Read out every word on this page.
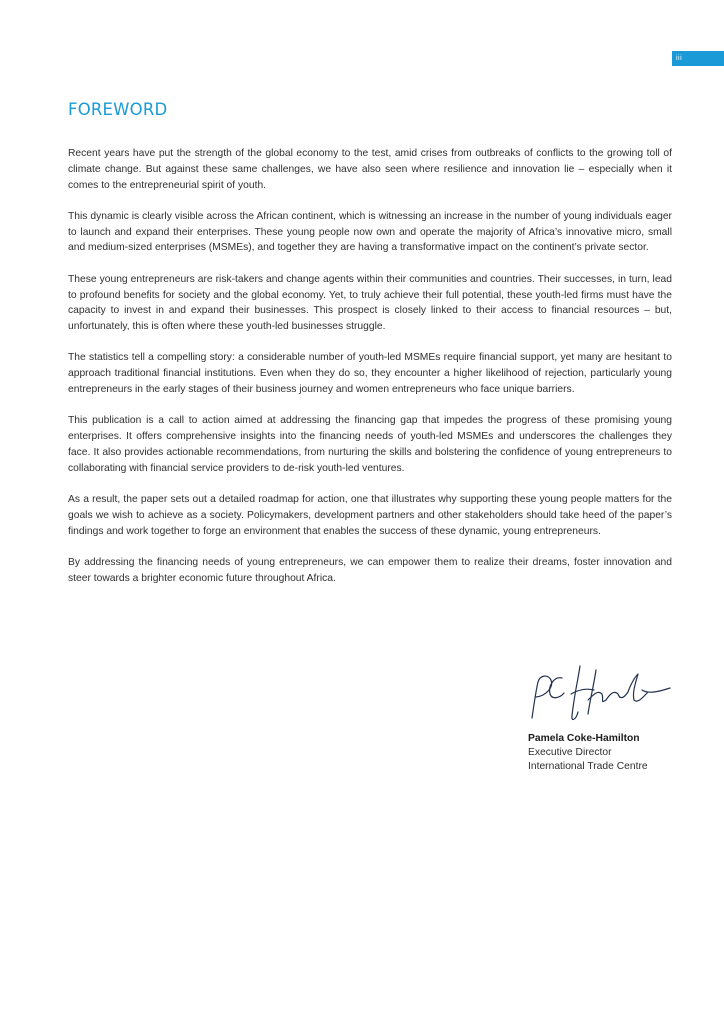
iii
FOREWORD

Recent years have put the strength of the global economy to the test, amid crises from outbreaks of conflicts to the growing toll of climate change. But against these same challenges, we have also seen where resilience and innovation lie – especially when it comes to the entrepreneurial spirit of youth.

This dynamic is clearly visible across the African continent, which is witnessing an increase in the number of young individuals eager to launch and expand their enterprises. These young people now own and operate the majority of Africa’s innovative micro, small and medium-sized enterprises (MSMEs), and together they are having a transformative impact on the continent’s private sector.

These young entrepreneurs are risk-takers and change agents within their communities and countries. Their successes, in turn, lead to profound benefits for society and the global economy. Yet, to truly achieve their full potential, these youth-led firms must have the capacity to invest in and expand their businesses. This prospect is closely linked to their access to financial resources – but, unfortunately, this is often where these youth-led businesses struggle.

The statistics tell a compelling story: a considerable number of youth-led MSMEs require financial support, yet many are hesitant to approach traditional financial institutions. Even when they do so, they encounter a higher likelihood of rejection, particularly young entrepreneurs in the early stages of their business journey and women entrepreneurs who face unique barriers.

This publication is a call to action aimed at addressing the financing gap that impedes the progress of these promising young enterprises. It offers comprehensive insights into the financing needs of youth-led MSMEs and underscores the challenges they face. It also provides actionable recommendations, from nurturing the skills and bolstering the confidence of young entrepreneurs to collaborating with financial service providers to de-risk youth-led ventures.

As a result, the paper sets out a detailed roadmap for action, one that illustrates why supporting these young people matters for the goals we wish to achieve as a society. Policymakers, development partners and other stakeholders should take heed of the paper’s findings and work together to forge an environment that enables the success of these dynamic, young entrepreneurs.

By addressing the financing needs of young entrepreneurs, we can empower them to realize their dreams, foster innovation and steer towards a brighter economic future throughout Africa.

Pamela Coke-Hamilton
Executive Director
International Trade Centre
